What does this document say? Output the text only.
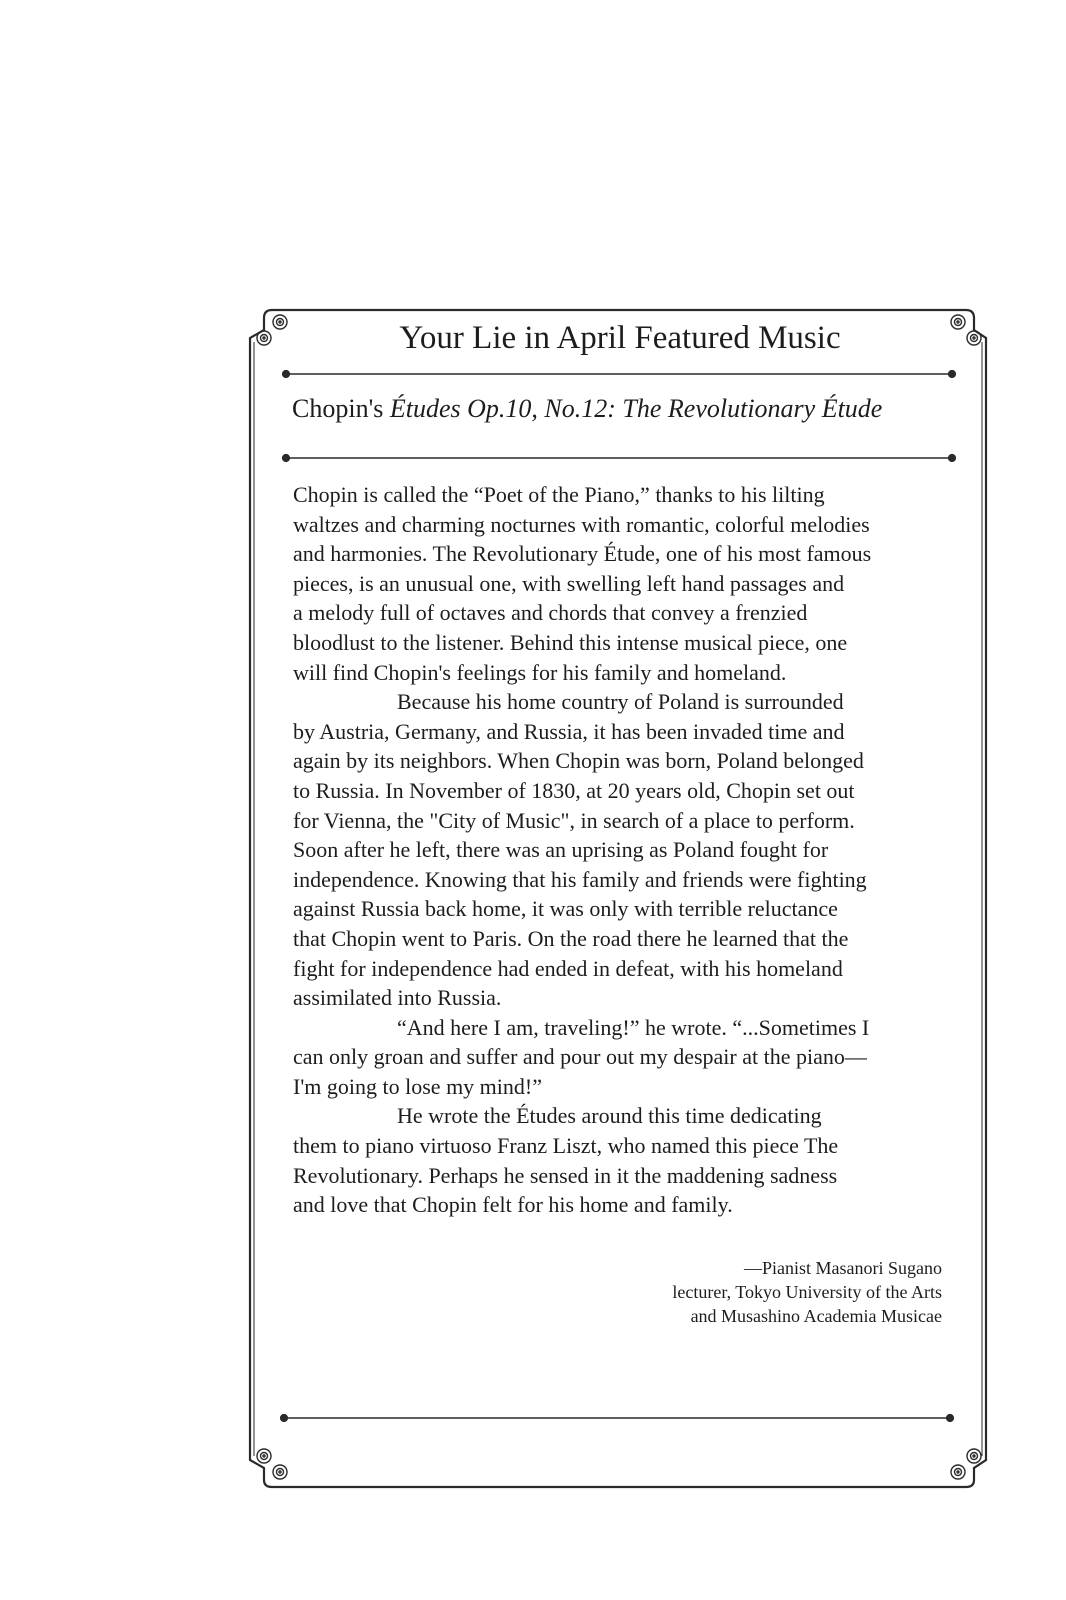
Your Lie in April Featured Music
Chopin's Études Op.10, No.12: The Revolutionary Étude
Chopin is called the “Poet of the Piano,” thanks to his lilting
waltzes and charming nocturnes with romantic, colorful melodies
and harmonies. The Revolutionary Étude, one of his most famous
pieces, is an unusual one, with swelling left hand passages and
a melody full of octaves and chords that convey a frenzied
bloodlust to the listener. Behind this intense musical piece, one
will find Chopin's feelings for his family and homeland.
Because his home country of Poland is surrounded
by Austria, Germany, and Russia, it has been invaded time and
again by its neighbors. When Chopin was born, Poland belonged
to Russia. In November of 1830, at 20 years old, Chopin set out
for Vienna, the "City of Music", in search of a place to perform.
Soon after he left, there was an uprising as Poland fought for
independence. Knowing that his family and friends were fighting
against Russia back home, it was only with terrible reluctance
that Chopin went to Paris. On the road there he learned that the
fight for independence had ended in defeat, with his homeland
assimilated into Russia.
“And here I am, traveling!” he wrote. “...Sometimes I
can only groan and suffer and pour out my despair at the piano—
I'm going to lose my mind!”
He wrote the Études around this time dedicating
them to piano virtuoso Franz Liszt, who named this piece The
Revolutionary. Perhaps he sensed in it the maddening sadness
and love that Chopin felt for his home and family.
—Pianist Masanori Sugano
lecturer, Tokyo University of the Arts
and Musashino Academia Musicae
